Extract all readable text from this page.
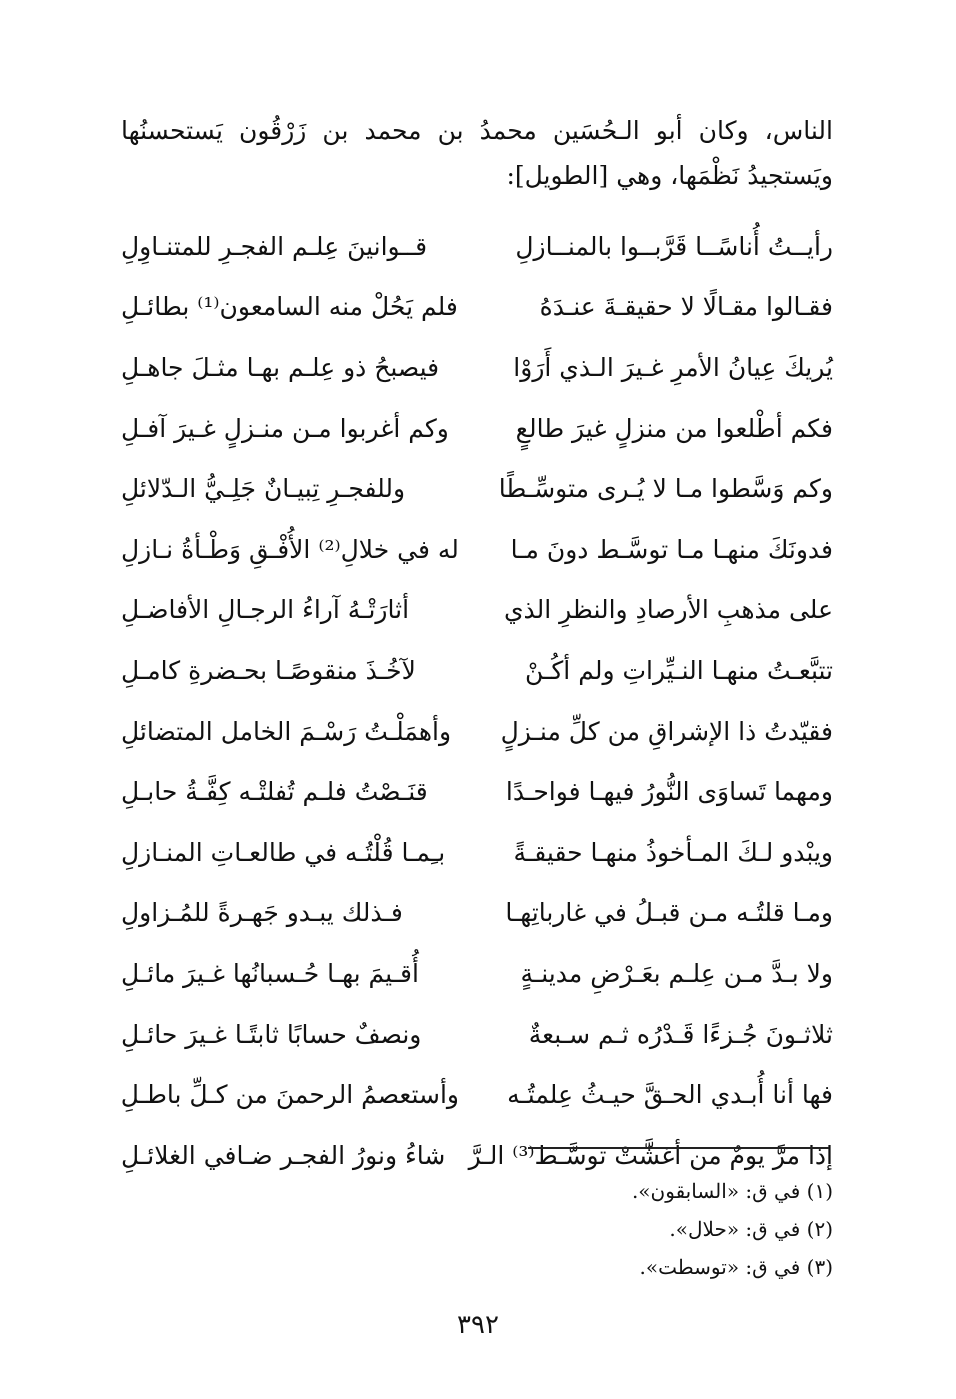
الناس، وكان أبو الـحُسَين محمدُ بن محمد بن زَرْقُون يَستحسنُها ويَستجيدُ نَظْمَها، وهي [الطويل]:

رأيــتُ أُناسًــا قَرَّبــوا بالمنــازلِ
قــوانينَ عِلـم الفجـرِ للمتنـاوِلِ
فقـالوا مقـالًا لا حقيقـةَ عنـدَهُ
فلم يَحُلْ منه السامعون⁽¹⁾ بطائـلِ
يُريكَ عِيانُ الأمرِ غـيرَ الـذي أَرَوْا
فيصبحُ ذو عِلـم بهـا مثـلَ جاهـلِ
فكم أطْلعوا من منزلٍ غيرَ طالعٍ
وكم أغربوا مـن منـزلٍ غـيرَ آفـلِ
وكم وَسَّطوا مـا لا يُـرى متوسِّـطًا
وللفجـرِ تِبيـانٌ جَلِـيُّ الـدّلائلِ
فدونَكَ منهـا مـا توسَّـط دونَ مـا
له في خلالِ⁽²⁾ الأُفْـقِ وَطْـأةُ نـازلِ
على مذهبِ الأرصادِ والنظرِ الذي
أثارَتْـهُ آراءُ الرجـالِ الأفاضـلِ
تتبَّعـتُ منهـا النـيِّراتِ ولم أكُـنْ
لآخُـذَ منقوصًـا بحـضرةِ كامـلِ
فقيّدتُ ذا الإشراقِ من كلِّ منـزلٍ
وأهمَلْـتُ رَسْـمَ الخامل المتضائلِ
ومهما تَساوَى النُّورُ فيهـا فواحـدًا
قنَـصْتُ فلـم تُفلتْـه كِفَّـةُ حابـلِ
ويبْدو لـكَ المـأخوذُ منهـا حقيقـةً
بـِمـا قُلْتُـه في طالعـاتِ المنـازلِ
ومـا قلتُـه مـن قبـلُ في غارباتِهـا
فـذلك يبـدو جَهـرةً للمُـزاولِ
ولا بـدَّ مـن عِلـم بعَـرْضِ مدينـةٍ
أُقـيمَ بهـا حُـسبانُها غـيرَ مائـلِ
ثلاثـونَ جُـزءًا قَـدْرُه ثـم سـبعةٌ
ونصفٌ حسابًا ثابتًـا غـيرَ حائـلِ
فها أنا أُبـدي الحـقَّ حيـثُ عِلمتُـه
وأستعصمُ الرحمنَ من كـلِّ باطـلِ
إذا مرَّ يومٌ من أغشَّتْ توسَّـط⁽³⁾ الـرَّ
شاءُ ونورُ الفجـر ضـافي الغلائـلِ
(١) في ق: «السابقون».
(٢) في ق: «حلال».
(٣) في ق: «توسطت».
٣٩٢
